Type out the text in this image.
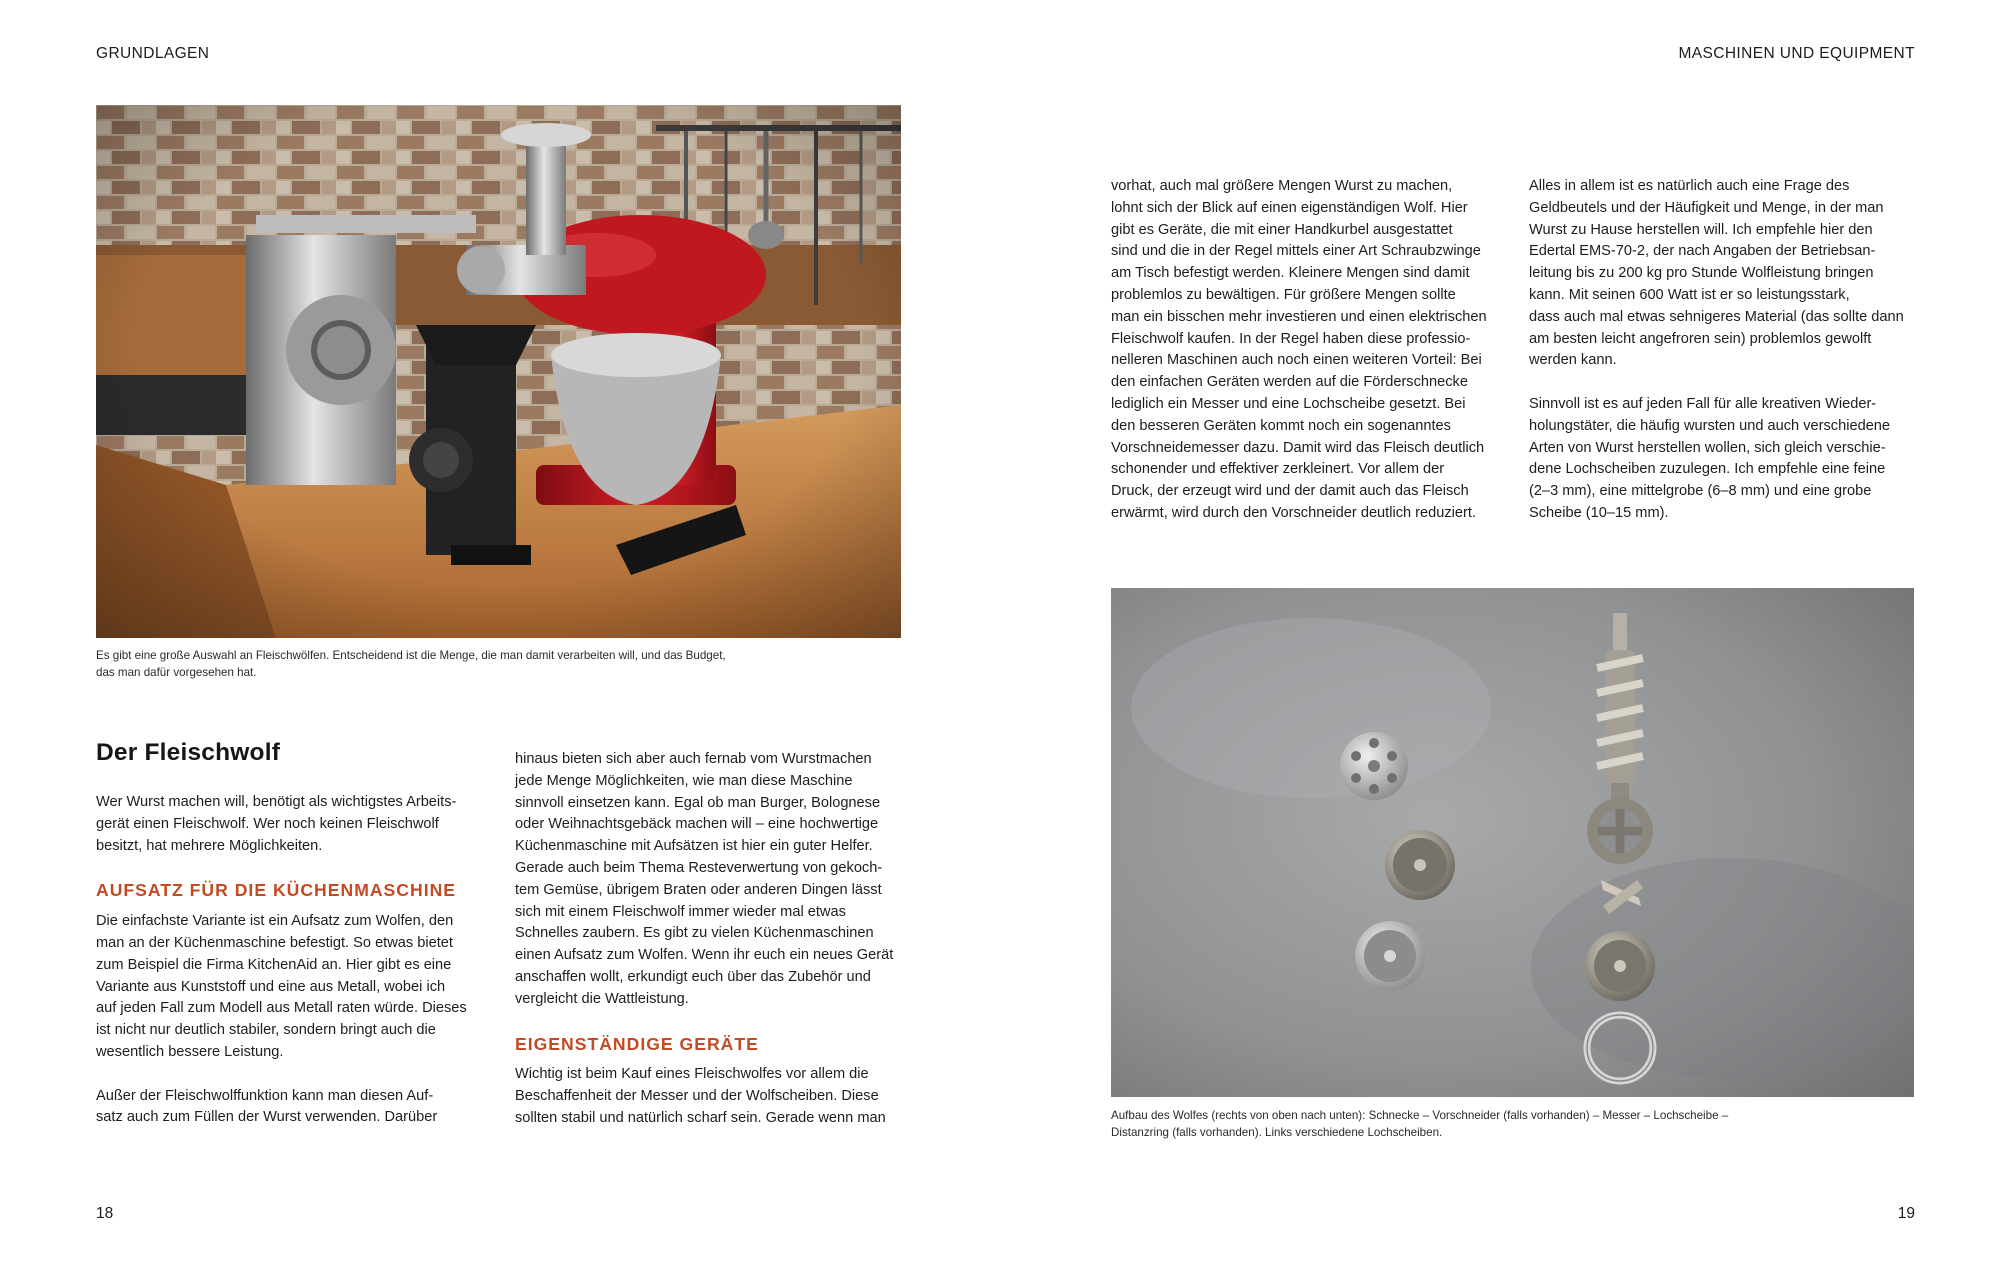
GRUNDLAGEN	MASCHINEN UND EQUIPMENT
Es gibt eine große Auswahl an Fleischwölfen. Entscheidend ist die Menge, die man damit verarbeiten will, und das Budget,
das man dafür vorgesehen hat.
Der Fleischwolf

Wer Wurst machen will, benötigt als wichtigstes Arbeits-

gerät einen Fleischwolf. Wer noch keinen Fleischwolf

besitzt, hat mehrere Möglichkeiten.

AUFSATZ FÜR DIE KÜCHENMASCHINE

Die einfachste Variante ist ein Aufsatz zum Wolfen, den

man an der Küchenmaschine befestigt. So etwas bietet

zum Beispiel die Firma KitchenAid an. Hier gibt es eine

Variante aus Kunststoff und eine aus Metall, wobei ich

auf jeden Fall zum Modell aus Metall raten würde. Dieses

ist nicht nur deutlich stabiler, sondern bringt auch die

wesentlich bessere Leistung.

Außer der Fleischwolffunktion kann man diesen Auf-

satz auch zum Füllen der Wurst verwenden. Darüber

hinaus bieten sich aber auch fernab vom Wurstmachen

jede Menge Möglichkeiten, wie man diese Maschine

sinnvoll einsetzen kann. Egal ob man Burger, Bolognese

oder Weihnachtsgebäck machen will – eine hochwertige

Küchenmaschine mit Aufsätzen ist hier ein guter Helfer.

Gerade auch beim Thema Resteverwertung von gekoch-

tem Gemüse, übrigem Braten oder anderen Dingen lässt

sich mit einem Fleischwolf immer wieder mal etwas

Schnelles zaubern. Es gibt zu vielen Küchenmaschinen

einen Aufsatz zum Wolfen. Wenn ihr euch ein neues Gerät

anschaffen wollt, erkundigt euch über das Zubehör und

vergleicht die Wattleistung.

EIGENSTÄNDIGE GERÄTE

Wichtig ist beim Kauf eines Fleischwolfes vor allem die

Beschaffenheit der Messer und der Wolfscheiben. Diese

sollten stabil und natürlich scharf sein. Gerade wenn man

vorhat, auch mal größere Mengen Wurst zu machen,

lohnt sich der Blick auf einen eigenständigen Wolf. Hier

gibt es Geräte, die mit einer Handkurbel ausgestattet

sind und die in der Regel mittels einer Art Schraubzwinge

am Tisch befestigt werden. Kleinere Mengen sind damit

problemlos zu bewältigen. Für größere Mengen sollte

man ein bisschen mehr investieren und einen elektrischen

Fleischwolf kaufen. In der Regel haben diese professio-

nelleren Maschinen auch noch einen weiteren Vorteil: Bei

den einfachen Geräten werden auf die Förderschnecke

lediglich ein Messer und eine Lochscheibe gesetzt. Bei

den besseren Geräten kommt noch ein sogenanntes

Vorschneidemesser dazu. Damit wird das Fleisch deutlich

schonender und effektiver zerkleinert. Vor allem der

Druck, der erzeugt wird und der damit auch das Fleisch

erwärmt, wird durch den Vorschneider deutlich reduziert.

Alles in allem ist es natürlich auch eine Frage des

Geldbeutels und der Häufigkeit und Menge, in der man

Wurst zu Hause herstellen will. Ich empfehle hier den

Edertal EMS-70-2, der nach Angaben der Betriebsan-

leitung bis zu 200 kg pro Stunde Wolfleistung bringen

kann. Mit seinen 600 Watt ist er so leistungsstark,

dass auch mal etwas sehnigeres Material (das sollte dann

am besten leicht angefroren sein) problemlos gewolft

werden kann.

Sinnvoll ist es auf jeden Fall für alle kreativen Wieder-

holungstäter, die häufig wursten und auch verschiedene

Arten von Wurst herstellen wollen, sich gleich verschie-

dene Lochscheiben zuzulegen. Ich empfehle eine feine

(2–3 mm), eine mittelgrobe (6–8 mm) und eine grobe

Scheibe (10–15 mm).

Aufbau des Wolfes (rechts von oben nach unten): Schnecke – Vorschneider (falls vorhanden) – Messer – Lochscheibe –
Distanzring (falls vorhanden). Links verschiedene Lochscheiben.
18	19
